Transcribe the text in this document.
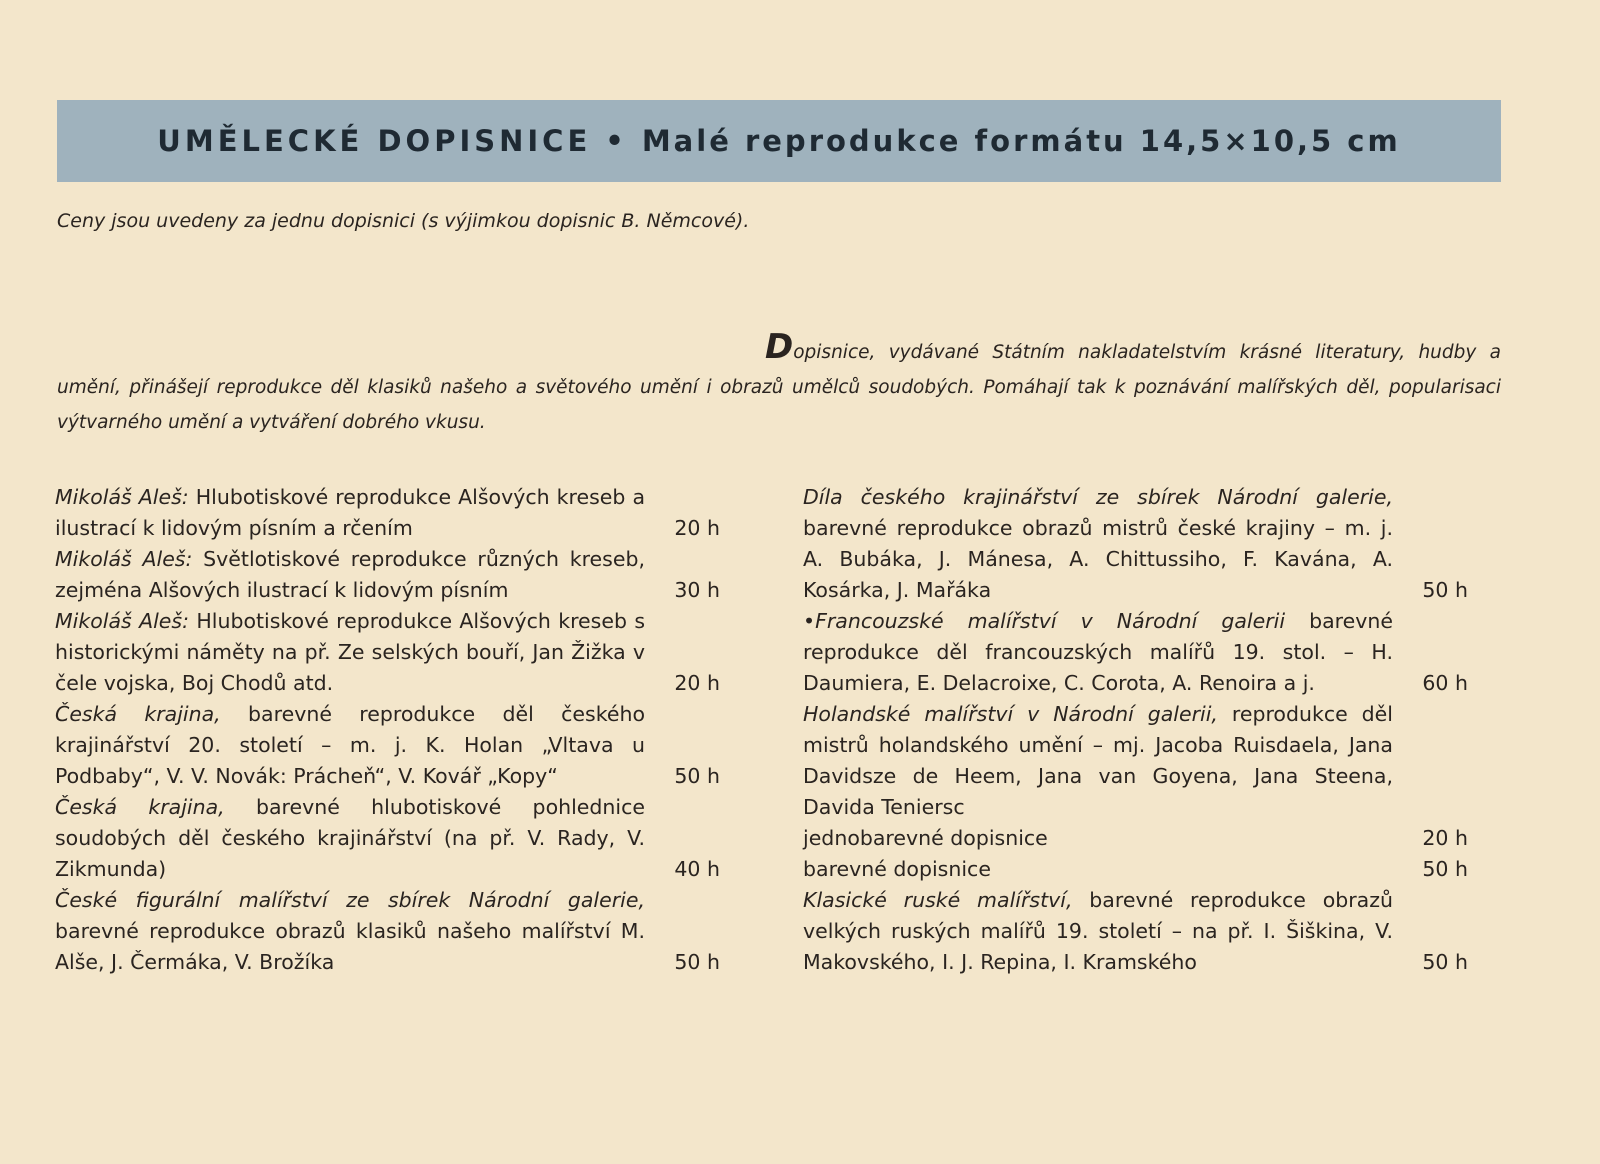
UMĚLECKÉ DOPISNICE • Malé reprodukce formátu 14,5×10,5 cm
Ceny jsou uvedeny za jednu dopisnici (s výjimkou dopisnic B. Němcové).
Dopisnice, vydávané Státním nakladatelstvím krásné literatury, hudby a umění, přinášejí reprodukce děl klasiků našeho a světového umění i obrazů umělců soudobých. Pomáhají tak k poznávání malířských děl, popularisaci výtvarného umění a vytváření dobrého vkusu.
Mikoláš Aleš: Hlubotiskové reprodukce Alšových kreseb a ilustrací k lidovým písním a rčením	20 h
Mikoláš Aleš: Světlotiskové reprodukce různých kreseb, zejména Alšových ilustrací k lidovým písním	30 h
Mikoláš Aleš: Hlubotiskové reprodukce Alšových kreseb s historickými náměty na př. Ze selských bouří, Jan Žižka v čele vojska, Boj Chodů atd.	20 h
Česká krajina, barevné reprodukce děl českého krajinářství 20. století – m. j. K. Holan „Vltava u Podbaby“, V. V. Novák: Prácheň“, V. Kovář „Kopy“	50 h
Česká krajina, barevné hlubotiskové pohlednice soudobých děl českého krajinářství (na př. V. Rady, V. Zikmunda)	40 h
České figurální malířství ze sbírek Národní galerie, barevné reprodukce obrazů klasiků našeho malířství M. Alše, J. Čermáka, V. Brožíka	50 h
Díla českého krajinářství ze sbírek Národní galerie, barevné reprodukce obrazů mistrů české krajiny – m. j. A. Bubáka, J. Mánesa, A. Chittussiho, F. Kavána, A. Kosárka, J. Mařáka	50 h
•Francouzské malířství v Národní galerii barevné reprodukce děl francouzských malířů 19. stol. – H. Daumiera, E. Delacroixe, C. Corota, A. Renoira a j.	60 h
Holandské malířství v Národní galerii, reprodukce děl mistrů holandského umění – mj. Jacoba Ruisdaela, Jana Davidsze de Heem, Jana van Goyena, Jana Steena, Davida Teniersc
jednobarevné dopisnice	20 h
barevné dopisnice	50 h
Klasické ruské malířství, barevné reprodukce obrazů velkých ruských malířů 19. století – na př. I. Šiškina, V. Makovského, I. J. Repina, I. Kramského	50 h
